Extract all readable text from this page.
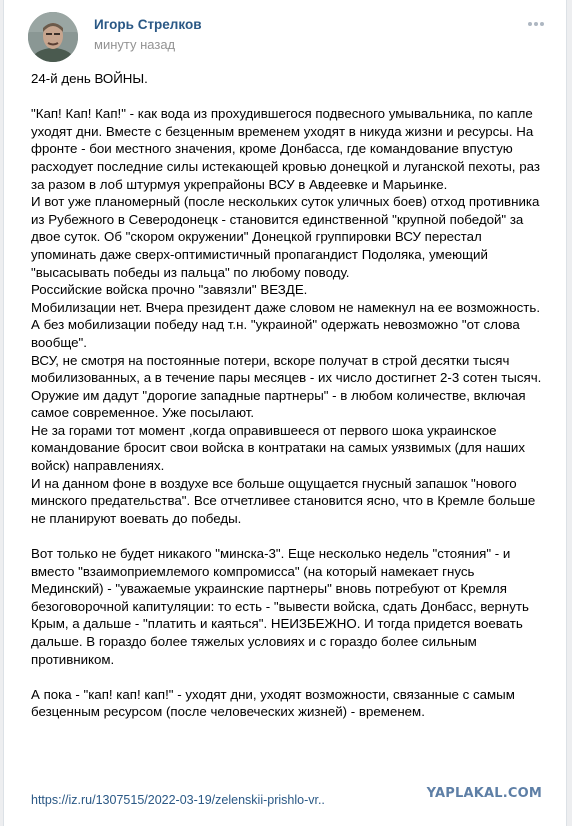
Игорь Стрелков
минуту назад
24-й день ВОЙНЫ.
"Кап! Кап! Кап!" - как вода из прохудившегося подвесного умывальника, по капле
уходят дни. Вместе с безценным временем уходят в никуда жизни и ресурсы. На
фронте - бои местного значения, кроме Донбасса, где командование впустую
расходует последние силы истекающей кровью донецкой и луганской пехоты, раз
за разом в лоб штурмуя укрепрайоны ВСУ в Авдеевке и Марьинке.
И вот уже планомерный (после нескольких суток уличных боев) отход противника
из Рубежного в Северодонецк - становится единственной "крупной победой" за
двое суток. Об "скором окружении" Донецкой группировки ВСУ перестал
упоминать даже сверх-оптимистичный пропагандист Подоляка, умеющий
"высасывать победы из пальца" по любому поводу.
Российские войска прочно "завязли" ВЕЗДЕ.
Мобилизации нет. Вчера президент даже словом не намекнул на ее возможность.
А без мобилизации победу над т.н. "украиной" одержать невозможно "от слова
вообще".
ВСУ, не смотря на постоянные потери, вскоре получат в строй десятки тысяч
мобилизованных, а в течение пары месяцев - их число достигнет 2-3 сотен тысяч.
Оружие им дадут "дорогие западные партнеры" - в любом количестве, включая
самое современное. Уже посылают.
Не за горами тот момент ,когда оправившееся от первого шока украинское
командование бросит свои войска в контратаки на самых уязвимых (для наших
войск) направлениях.
И на данном фоне в воздухе все больше ощущается гнусный запашок "нового
минского предательства". Все отчетливее становится ясно, что в Кремле больше
не планируют воевать до победы.
Вот только не будет никакого "минска-3". Еще несколько недель "стояния" - и
вместо "взаимоприемлемого компромисса" (на который намекает гнусь
Мединский) - "уважаемые украинские партнеры" вновь потребуют от Кремля
безоговорочной капитуляции: то есть - "вывести войска, сдать Донбасс, вернуть
Крым, а дальше - "платить и каяться". НЕИЗБЕЖНО. И тогда придется воевать
дальше. В гораздо более тяжелых условиях и с гораздо более сильным
противником.
А пока - "кап! кап! кап!" - уходят дни, уходят возможности, связанные с самым
безценным ресурсом (после человеческих жизней) - временем.
https://iz.ru/1307515/2022-03-19/zelenskii-prishlo-vr..	YAPLAKAL.COM
